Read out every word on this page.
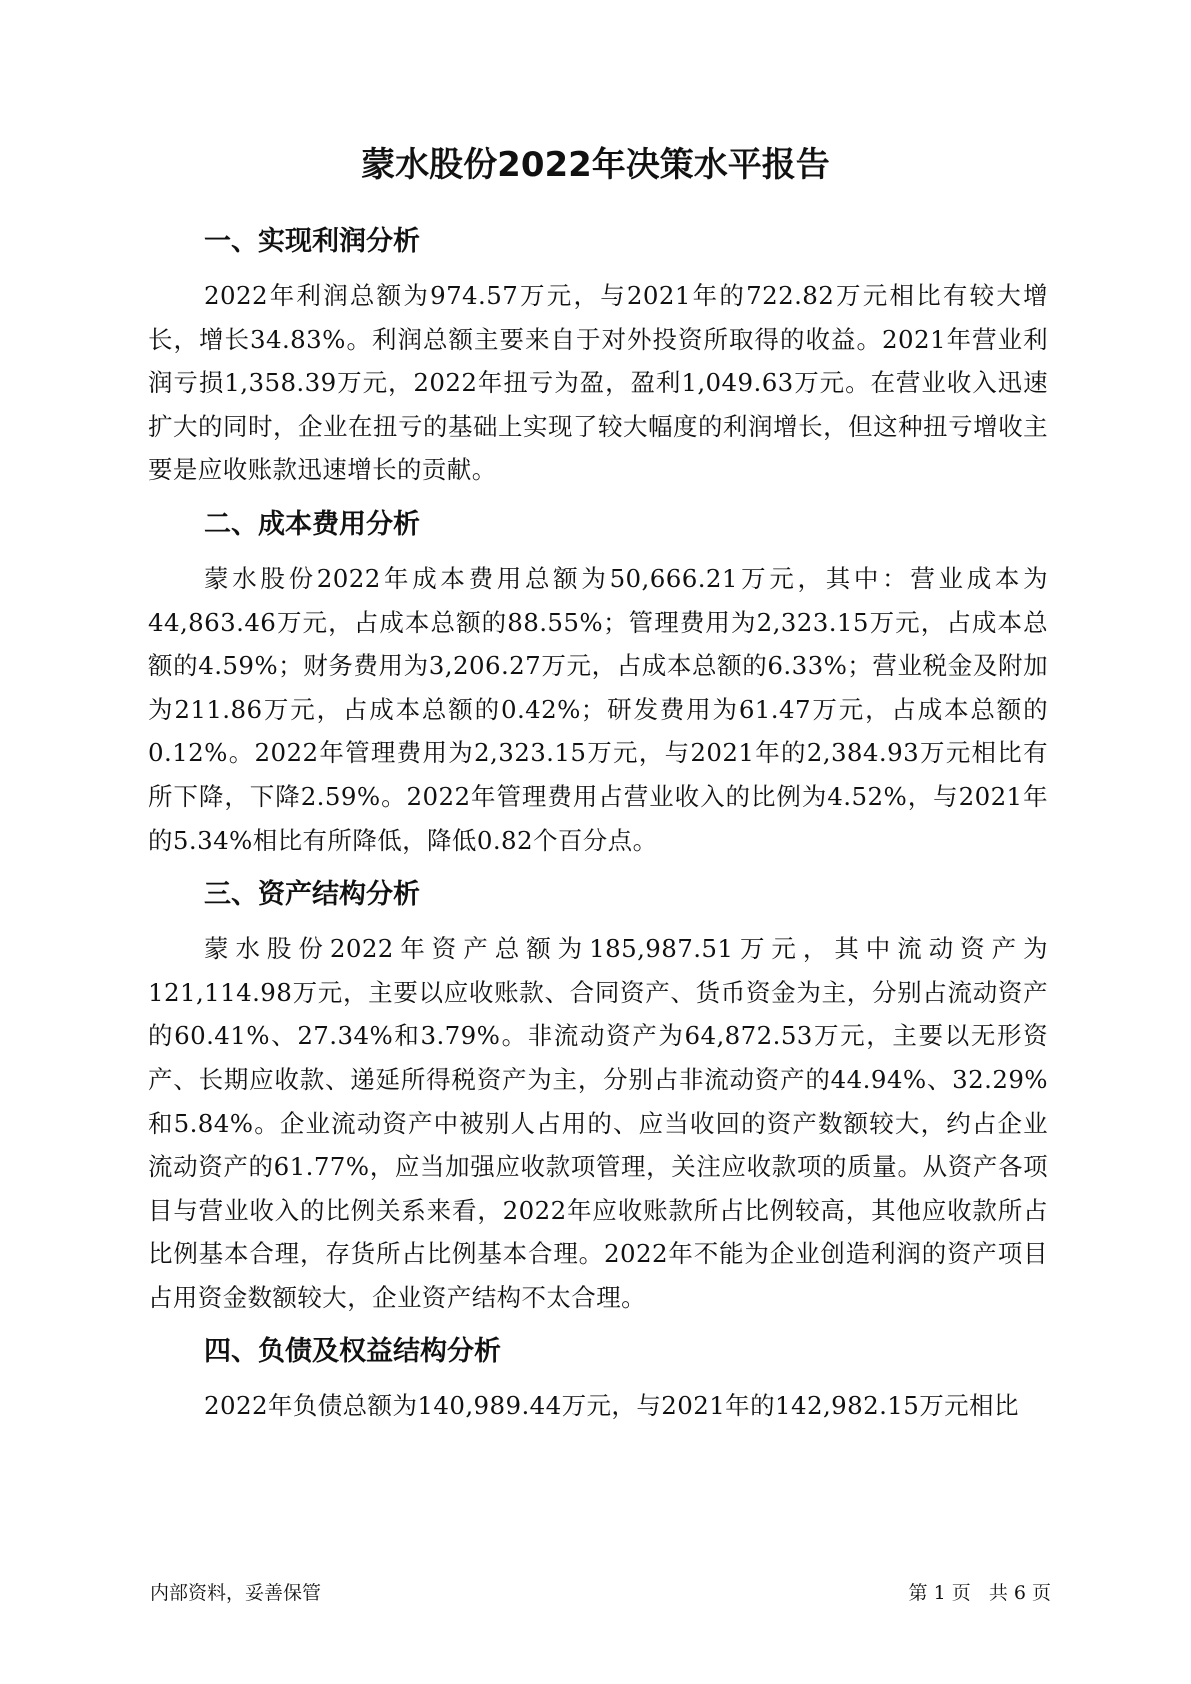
蒙水股份2022年决策水平报告
一、实现利润分析

2022年利润总额为974.57万元，与2021年的722.82万元相比有较大增长，增长34.83%。利润总额主要来自于对外投资所取得的收益。2021年营业利润亏损1,358.39万元，2022年扭亏为盈，盈利1,049.63万元。在营业收入迅速扩大的同时，企业在扭亏的基础上实现了较大幅度的利润增长，但这种扭亏增收主要是应收账款迅速增长的贡献。

二、成本费用分析

蒙水股份2022年成本费用总额为50,666.21万元，其中：营业成本为44,863.46万元，占成本总额的88.55%；管理费用为2,323.15万元，占成本总额的4.59%；财务费用为3,206.27万元，占成本总额的6.33%；营业税金及附加为211.86万元，占成本总额的0.42%；研发费用为61.47万元，占成本总额的0.12%。2022年管理费用为2,323.15万元，与2021年的2,384.93万元相比有所下降，下降2.59%。2022年管理费用占营业收入的比例为4.52%，与2021年的5.34%相比有所降低，降低0.82个百分点。

三、资产结构分析

蒙水股份2022年资产总额为185,987.51万元，其中流动资产为121,114.98万元，主要以应收账款、合同资产、货币资金为主，分别占流动资产的60.41%、27.34%和3.79%。非流动资产为64,872.53万元，主要以无形资产、长期应收款、递延所得税资产为主，分别占非流动资产的44.94%、32.29%和5.84%。企业流动资产中被别人占用的、应当收回的资产数额较大，约占企业流动资产的61.77%，应当加强应收款项管理，关注应收款项的质量。从资产各项目与营业收入的比例关系来看，2022年应收账款所占比例较高，其他应收款所占比例基本合理，存货所占比例基本合理。2022年不能为企业创造利润的资产项目占用资金数额较大，企业资产结构不太合理。

四、负债及权益结构分析

2022年负债总额为140,989.44万元，与2021年的142,982.15万元相比

内部资料，妥善保管	第 1 页   共 6 页
